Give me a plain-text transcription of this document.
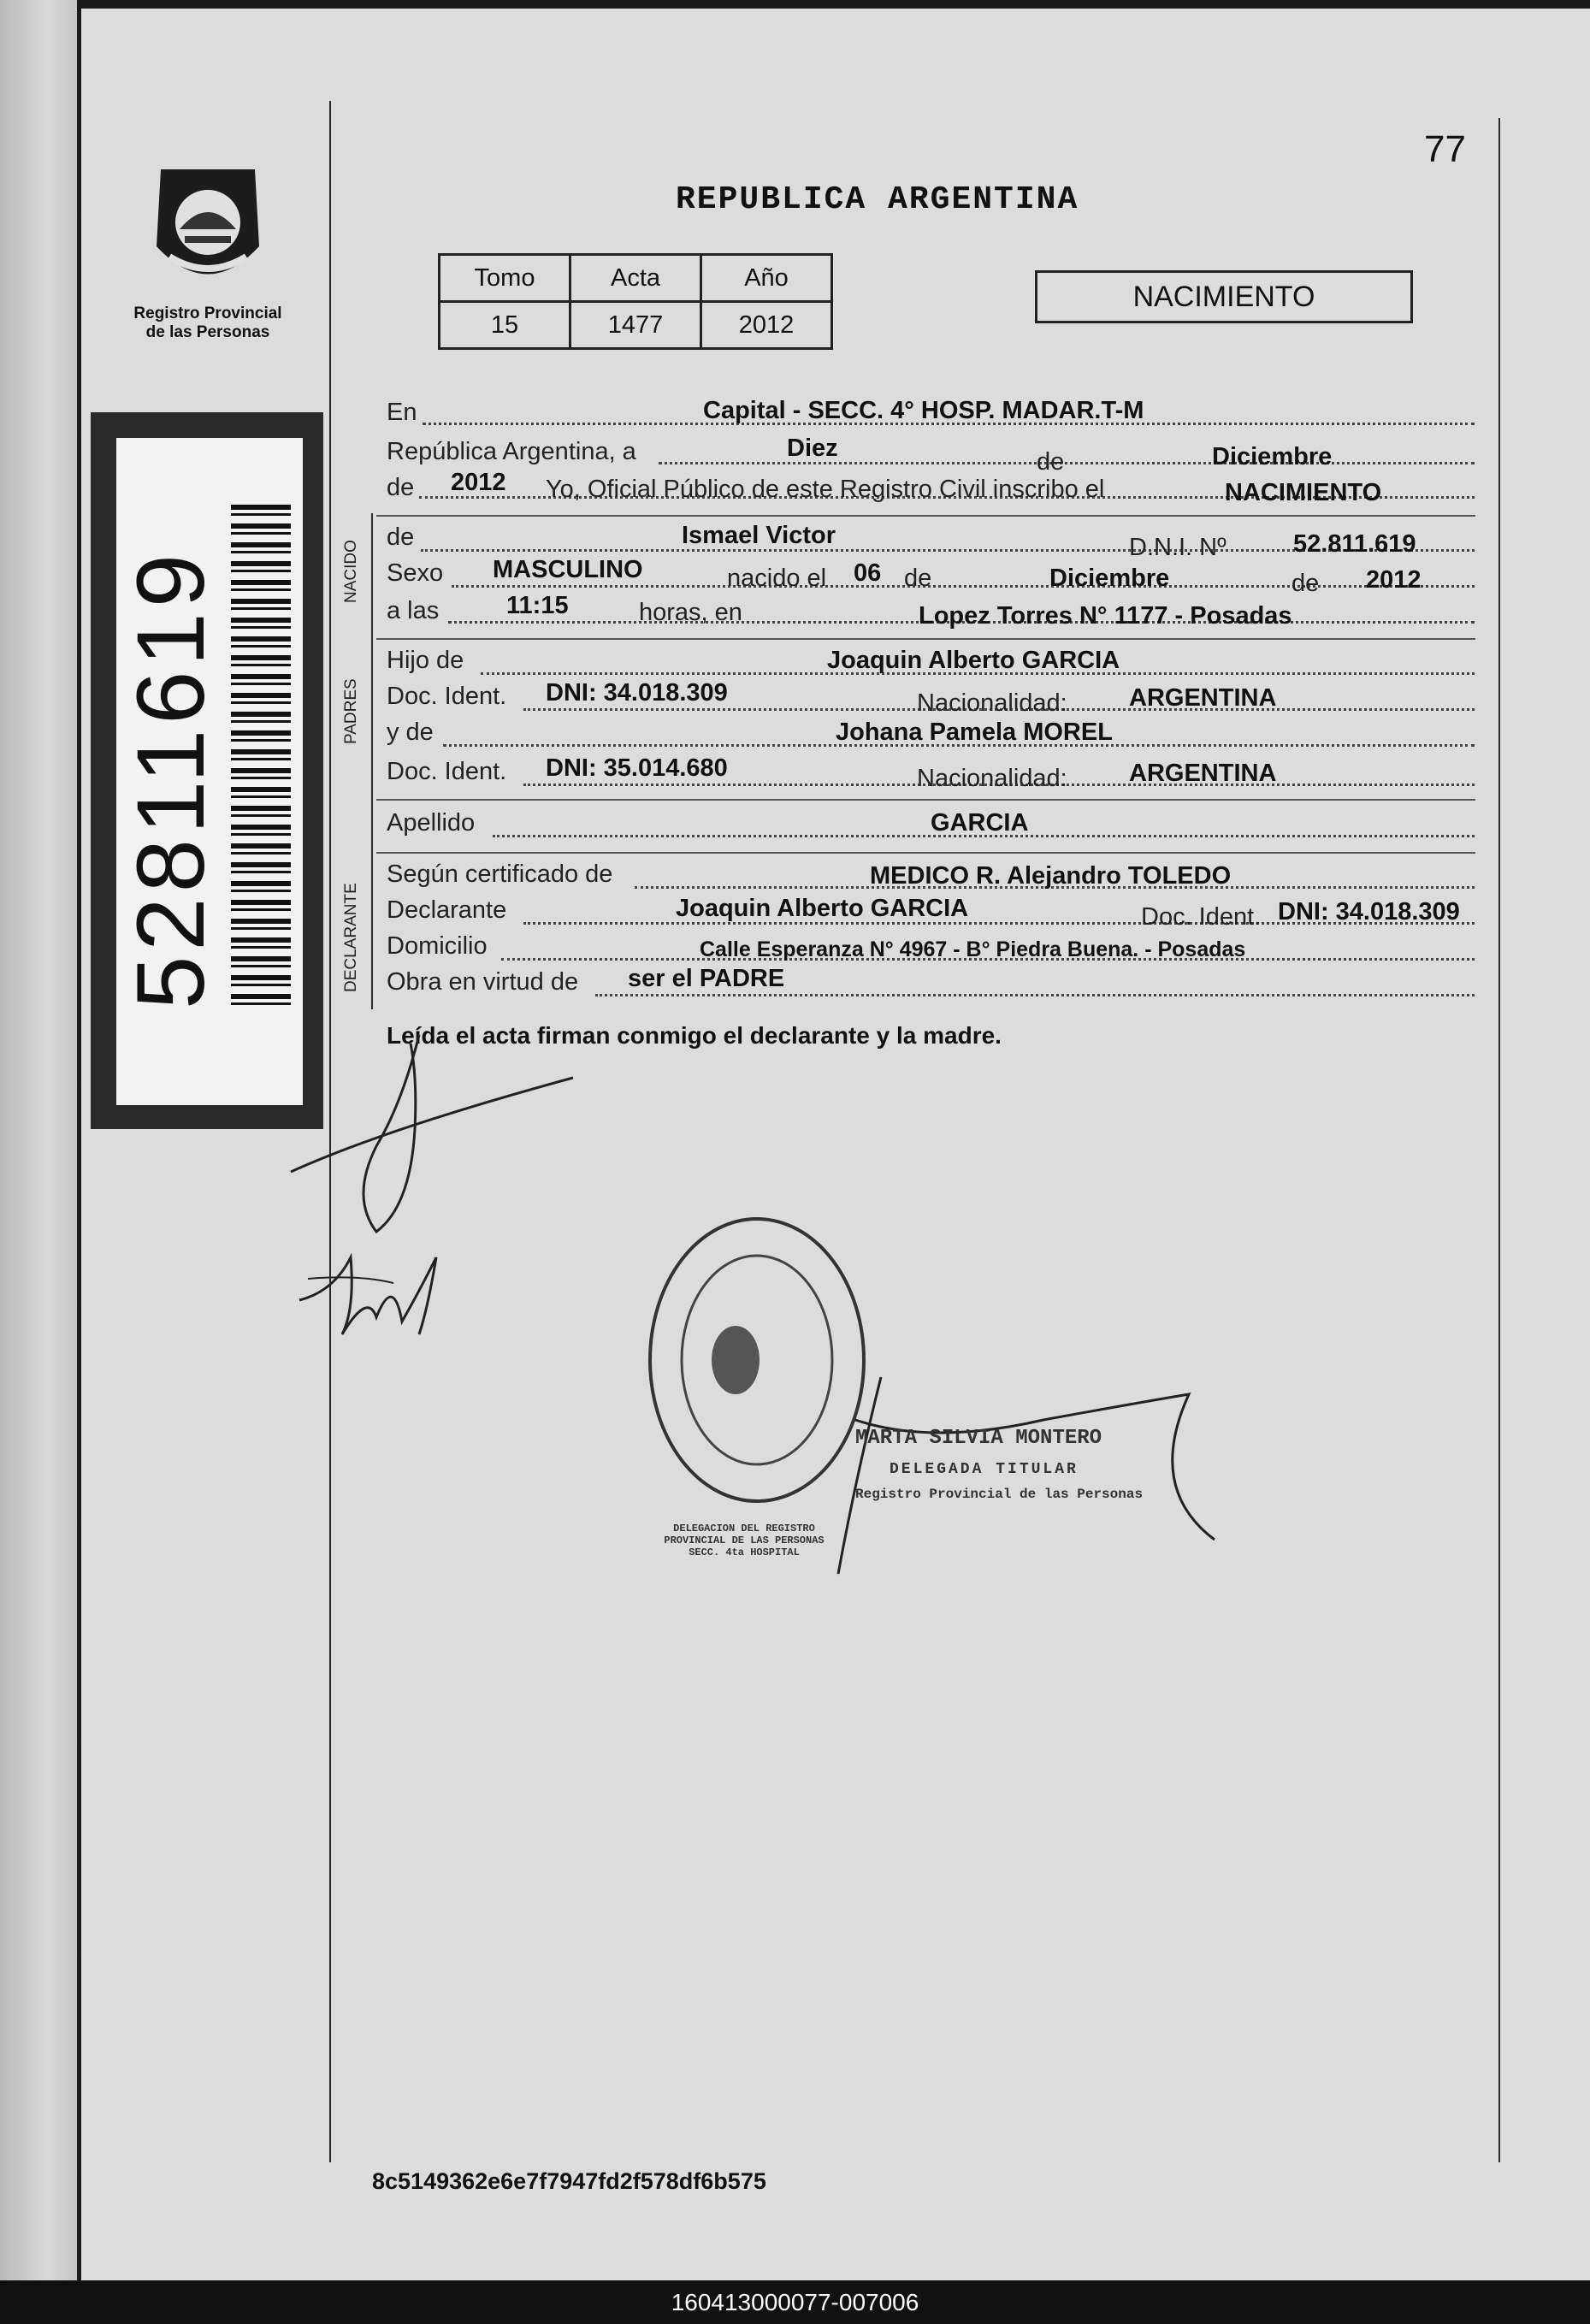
77
Registro Provincial
de las Personas
REPUBLICA ARGENTINA
Tomo	Acta	Año
15	1477	2012
NACIMIENTO
52811619	NACIDO
PADRES
DECLARANTE
En	Capital - SECC. 4° HOSP. MADAR.T-M
República Argentina, a	Diez	de	Diciembre
de 2012 Yo, Oficial Público de este Registro Civil inscribo el	NACIMIENTO
de	Ismael Victor	D.N.I. Nº	52.811.619
Sexo MASCULINO	nacido el 06 de	Diciembre	de 2012
a las	11:15	horas, en	Lopez Torres N° 1177 - Posadas
Hijo de	Joaquin Alberto GARCIA
Doc. Ident. DNI: 34.018.309	Nacionalidad: ARGENTINA
y de	Johana Pamela MOREL
Doc. Ident. DNI: 35.014.680	Nacionalidad: ARGENTINA
Apellido	GARCIA
Según certificado de	MEDICO R. Alejandro TOLEDO
Declarante	Joaquin Alberto GARCIA	Doc. Ident. DNI: 34.018.309
Domicilio	Calle Esperanza N° 4967 - B° Piedra Buena. - Posadas
Obra en virtud de ser el PADRE
Leída el acta firman conmigo el declarante y la madre.
DELEGACION DEL REGISTRO PROVINCIAL DE LAS PERSONAS SECC. 4ta HOSPITAL
MARTA SILVIA MONTERO
DELEGADA TITULAR
Registro Provincial de las Personas
8c5149362e6e7f7947fd2f578df6b575
160413000077-007006
